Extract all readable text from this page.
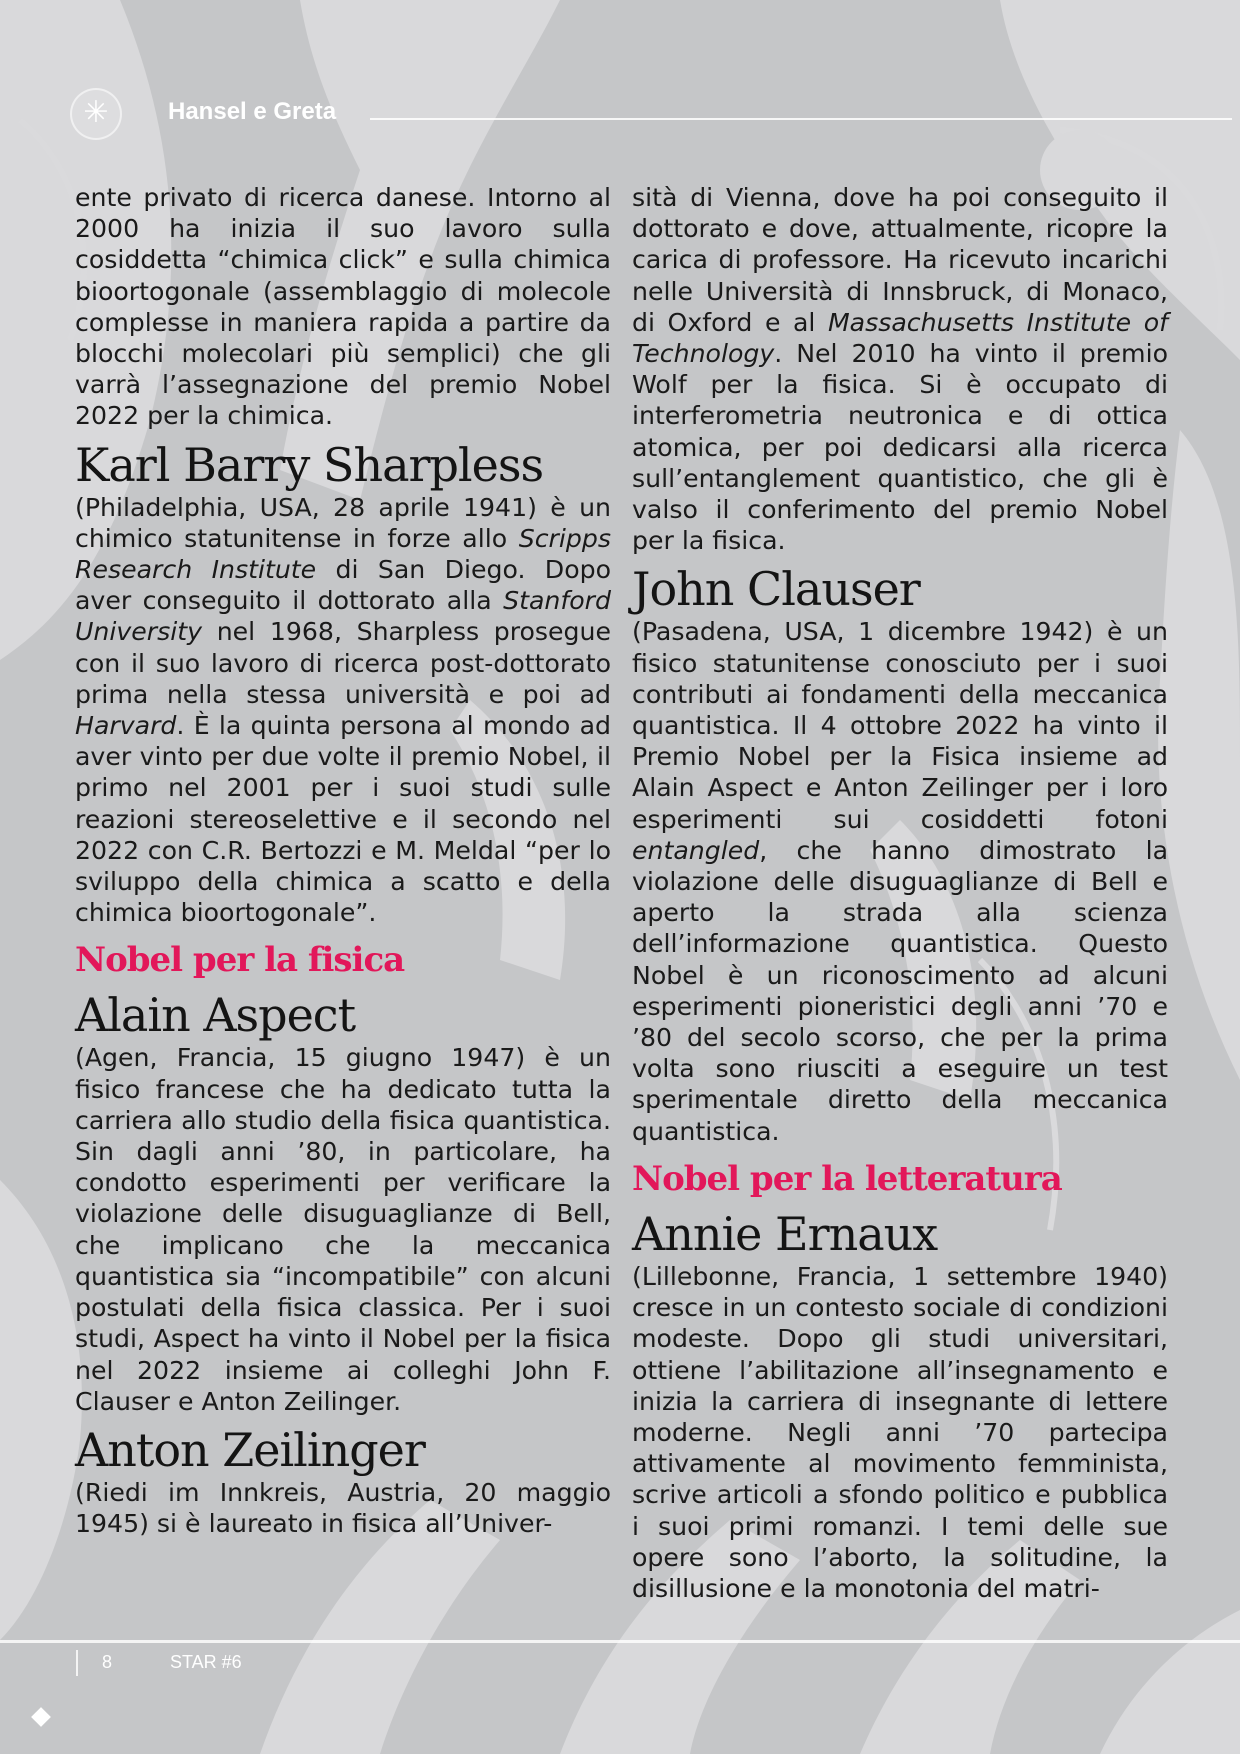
✳	Hansel e Greta

ente privato di ricerca danese. Intorno al 2000 ha inizia il suo lavoro sulla cosiddetta “chimica click” e sulla chimica bioortogonale (assemblaggio di molecole complesse in maniera rapida a partire da blocchi molecolari più semplici) che gli varrà l’assegnazione del premio Nobel 2022 per la chimica.

Karl Barry Sharpless

(Philadelphia, USA, 28 aprile 1941) è un chimico statunitense in forze allo Scripps Research Institute di San Diego. Dopo aver conseguito il dottorato alla Stanford University nel 1968, Sharpless prosegue con il suo lavoro di ricerca post-dottorato prima nella stessa università e poi ad Harvard. È la quinta persona al mondo ad aver vinto per due volte il premio Nobel, il primo nel 2001 per i suoi studi sulle reazioni stereoselettive e il secondo nel 2022 con C.R. Bertozzi e M. Meldal “per lo sviluppo della chimica a scatto e della chimica bioortogonale”.

Nobel per la fisica
Alain Aspect

(Agen, Francia, 15 giugno 1947) è un fisico francese che ha dedicato tutta la carriera allo studio della fisica quantistica. Sin dagli anni ’80, in particolare, ha condotto esperimenti per verificare la violazione delle disuguaglianze di Bell, che implicano che la meccanica quantistica sia “incompatibile” con alcuni postulati della fisica classica. Per i suoi studi, Aspect ha vinto il Nobel per la fisica nel 2022 insieme ai colleghi John F. Clauser e Anton Zeilinger.

Anton Zeilinger

(Riedi im Innkreis, Austria, 20 maggio 1945) si è laureato in fisica all’Univer-

sità di Vienna, dove ha poi conseguito il dottorato e dove, attualmente, ricopre la carica di professore. Ha ricevuto incarichi nelle Università di Innsbruck, di Monaco, di Oxford e al Massachusetts Institute of Technology. Nel 2010 ha vinto il premio Wolf per la fisica. Si è occupato di interferometria neutronica e di ottica atomica, per poi dedicarsi alla ricerca sull’entanglement quantistico, che gli è valso il conferimento del premio Nobel per la fisica.

John Clauser

(Pasadena, USA, 1 dicembre 1942) è un fisico statunitense conosciuto per i suoi contributi ai fondamenti della meccanica quantistica. Il 4 ottobre 2022 ha vinto il Premio Nobel per la Fisica insieme ad Alain Aspect e Anton Zeilinger per i loro esperimenti sui cosiddetti fotoni entangled, che hanno dimostrato la violazione delle disuguaglianze di Bell e aperto la strada alla scienza dell’informazione quantistica. Questo Nobel è un riconoscimento ad alcuni esperimenti pioneristici degli anni ’70 e ’80 del secolo scorso, che per la prima volta sono riusciti a eseguire un test sperimentale diretto della meccanica quantistica.

Nobel per la letteratura
Annie Ernaux

(Lillebonne, Francia, 1 settembre 1940) cresce in un contesto sociale di condizioni modeste. Dopo gli studi universitari, ottiene l’abilitazione all’insegnamento e inizia la carriera di insegnante di lettere moderne. Negli anni ’70 partecipa attivamente al movimento femminista, scrive articoli a sfondo politico e pubblica i suoi primi romanzi. I temi delle sue opere sono l’aborto, la solitudine, la disillusione e la monotonia del matri-

8	STAR #6
